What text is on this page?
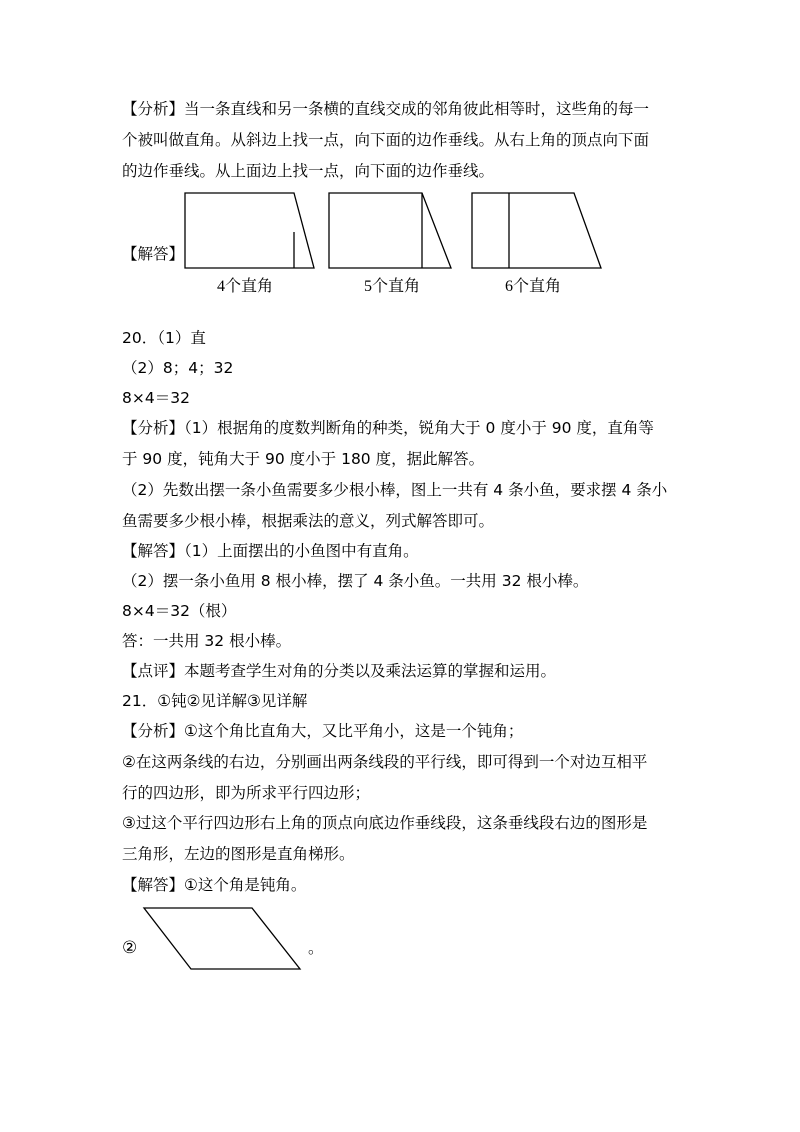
【分析】当一条直线和另一条横的直线交成的邻角彼此相等时，这些角的每一
个被叫做直角。从斜边上找一点，向下面的边作垂线。从右上角的顶点向下面
的边作垂线。从上面边上找一点，向下面的边作垂线。
【解答】
4个直角	5个直角	6个直角
20．（1）直
（2）8；4；32
8×4＝32
【分析】（1）根据角的度数判断角的种类，锐角大于 0 度小于 90 度，直角等
于 90 度，钝角大于 90 度小于 180 度，据此解答。
（2）先数出摆一条小鱼需要多少根小棒，图上一共有 4 条小鱼，要求摆 4 条小
鱼需要多少根小棒，根据乘法的意义，列式解答即可。
【解答】（1）上面摆出的小鱼图中有直角。
（2）摆一条小鱼用 8 根小棒，摆了 4 条小鱼。一共用 32 根小棒。
8×4＝32（根）
答：一共用 32 根小棒。
【点评】本题考查学生对角的分类以及乘法运算的掌握和运用。
21．①钝②见详解③见详解
【分析】①这个角比直角大，又比平角小，这是一个钝角；
②在这两条线的右边，分别画出两条线段的平行线，即可得到一个对边互相平
行的四边形，即为所求平行四边形；
③过这个平行四边形右上角的顶点向底边作垂线段，这条垂线段右边的图形是
三角形，左边的图形是直角梯形。
【解答】①这个角是钝角。
②	。
